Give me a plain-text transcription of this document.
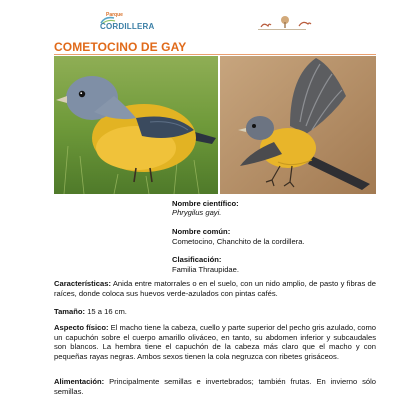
Parque
CORDILLERA
COMETOCINO DE GAY
Nombre científico:
Phrygilus gayi.
Nombre común:
Cometocino, Chanchito de la cordillera.
Clasificación:
Familia Thraupidae.
Características: Anida entre matorrales o en el suelo, con un nido amplio, de pasto y fibras de raíces, donde coloca sus huevos verde-azulados con pintas cafés.
Tamaño: 15 a 16 cm.
Aspecto físico: El macho tiene la cabeza, cuello y parte superior del pecho gris azulado, como un capuchón sobre el cuerpo amarillo oliváceo, en tanto, su abdomen inferior y subcaudales son blancos. La hembra tiene el capuchón de la cabeza más claro que el macho y con pequeñas rayas negras. Ambos sexos tienen la cola negruzca con ribetes grisáceos.
Alimentación: Principalmente semillas e invertebrados; también frutas. En invierno sólo semillas.
